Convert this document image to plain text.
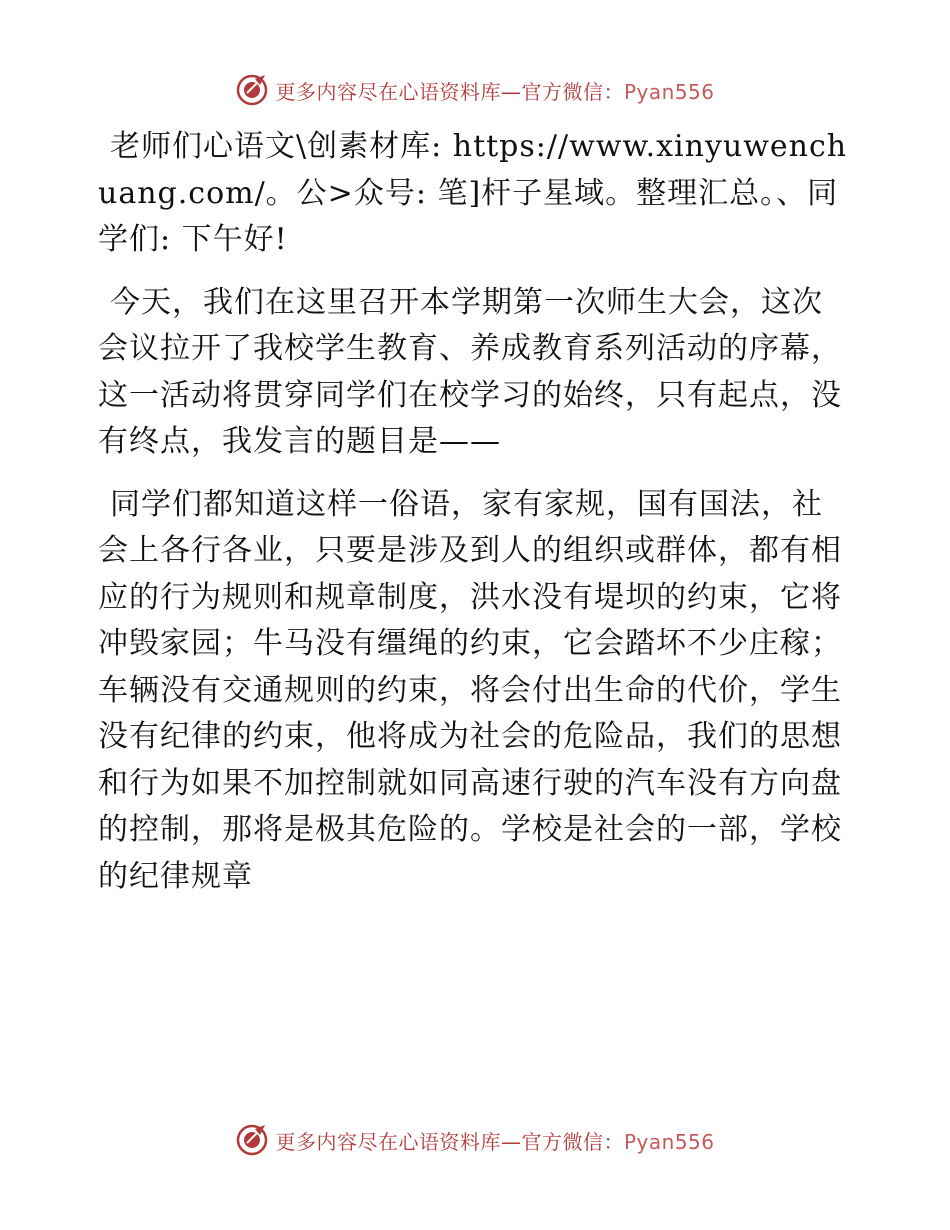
更多内容尽在心语资料库—官方微信：Pyan556

老师们心语文\创素材库: https://www.xinyuwenchuang.com/。公>众号: 笔]杆子星域。整理汇总。、同学们: 下午好!

今天，我们在这里召开本学期第一次师生大会，这次会议拉开了我校学生教育、养成教育系列活动的序幕，这一活动将贯穿同学们在校学习的始终，只有起点，没有终点，我发言的题目是——

同学们都知道这样一俗语，家有家规，国有国法，社会上各行各业，只要是涉及到人的组织或群体，都有相应的行为规则和规章制度，洪水没有堤坝的约束，它将冲毁家园；牛马没有缰绳的约束，它会踏坏不少庄稼；车辆没有交通规则的约束，将会付出生命的代价，学生没有纪律的约束，他将成为社会的危险品，我们的思想和行为如果不加控制就如同高速行驶的汽车没有方向盘的控制，那将是极其危险的。学校是社会的一部，学校的纪律规章

更多内容尽在心语资料库—官方微信：Pyan556
